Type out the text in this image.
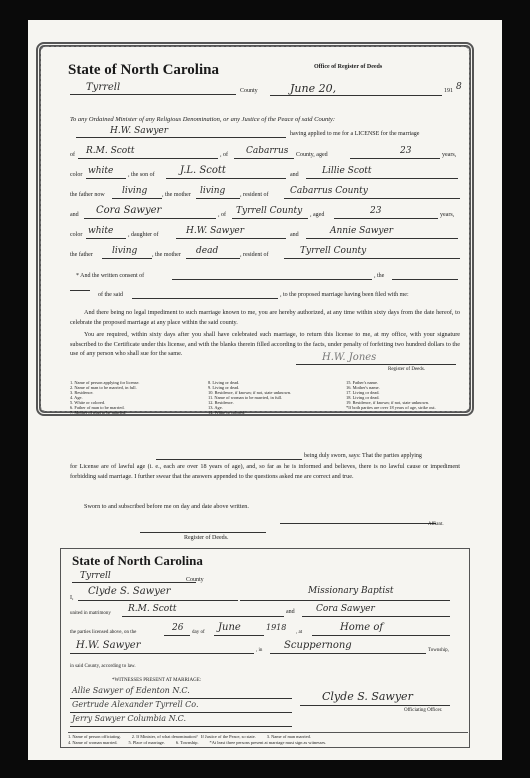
State of North Carolina	Office of Register of Deeds
Tyrrell	County	June 20,	191 8
To any Ordained Minister of any Religious Denomination, or any Justice of the Peace of said County:
H.W. Sawyer	having applied to me for a LICENSE for the marriage
of R.M. Scott	, of Cabarrus County, aged	23	years,
color white , the son of	J.L. Scott	and	Lillie Scott
the father now living , the mother living , resident of Cabarrus County
and Cora Sawyer	, of Tyrrell County , aged	23	years,
color white , daughter of	H.W. Sawyer	and	Annie Sawyer
the father living , the mother dead	, resident of	Tyrrell County
* And the written consent of	, the
of the said	, to the proposed marriage having been filed with me:
And there being no legal impediment to such marriage known to me, you are hereby authorized, at any time within sixty days from the date hereof, to celebrate the proposed marriage at any place within the said county.
You are required, within sixty days after you shall have celebrated such marriage, to return this license to me, at my office, with your signature subscribed to the Certificate under this license, and with the blanks therein filled according to the facts, under penalty of forfeiting two hundred dollars to the use of any person who shall sue for the same.	H.W. Jones
Register of Deeds.
1. Name of person applying for license.
2. Name of man to be married, in full.
3. Residence.
4. Age.
5. White or colored.
6. Father of man to be married.
7. Mother of man to be married.
8. Living or dead.
9. Living or dead.
10. Residence, if known; if not, state unknown.
11. Name of woman to be married, in full.
12. Residence.
13. Age.
14. White or colored.
15. Father's name.
16. Mother's name.
17. Living or dead.
18. Living or dead.
19. Residence, if known; if not, state unknown.
*If both parties are over 18 years of age, strike out.
being duly sworn, says: That the parties applying
for License are of lawful age (i. e., each are over 18 years of age), and, so far as he is informed and believes, there is no lawful cause or impediment forbidding said marriage. I further swear that the answers appended to the questions asked me are correct and true.
Sworn to and subscribed before me on day and date above written.
Affiant.
Register of Deeds.
State of North Carolina
Tyrrell	County
I,
Clyde S. Sawyer	Missionary Baptist
united in matrimony R.M. Scott	and Cora Sawyer
the parties licensed above, on the	26 day of June	1918
, at	Home of
H.W. Sawyer	, in Scuppernong	Township,
in said County, according to law.
*WITNESSES PRESENT AT MARRIAGE:
Allie Sawyer of Edenton N.C.
Gertrude Alexander Tyrrell Co.
Jerry Sawyer Columbia N.C.
Clyde S. Sawyer
Officiating Officer.
1. Name of person officiating.          2. If Minister, of what denomination?   If Justice of the Peace, so state.          3. Name of man married.
4. Name of woman married.          5. Place of marriage.          6. Township.          *At least three persons present at marriage must sign as witnesses.
